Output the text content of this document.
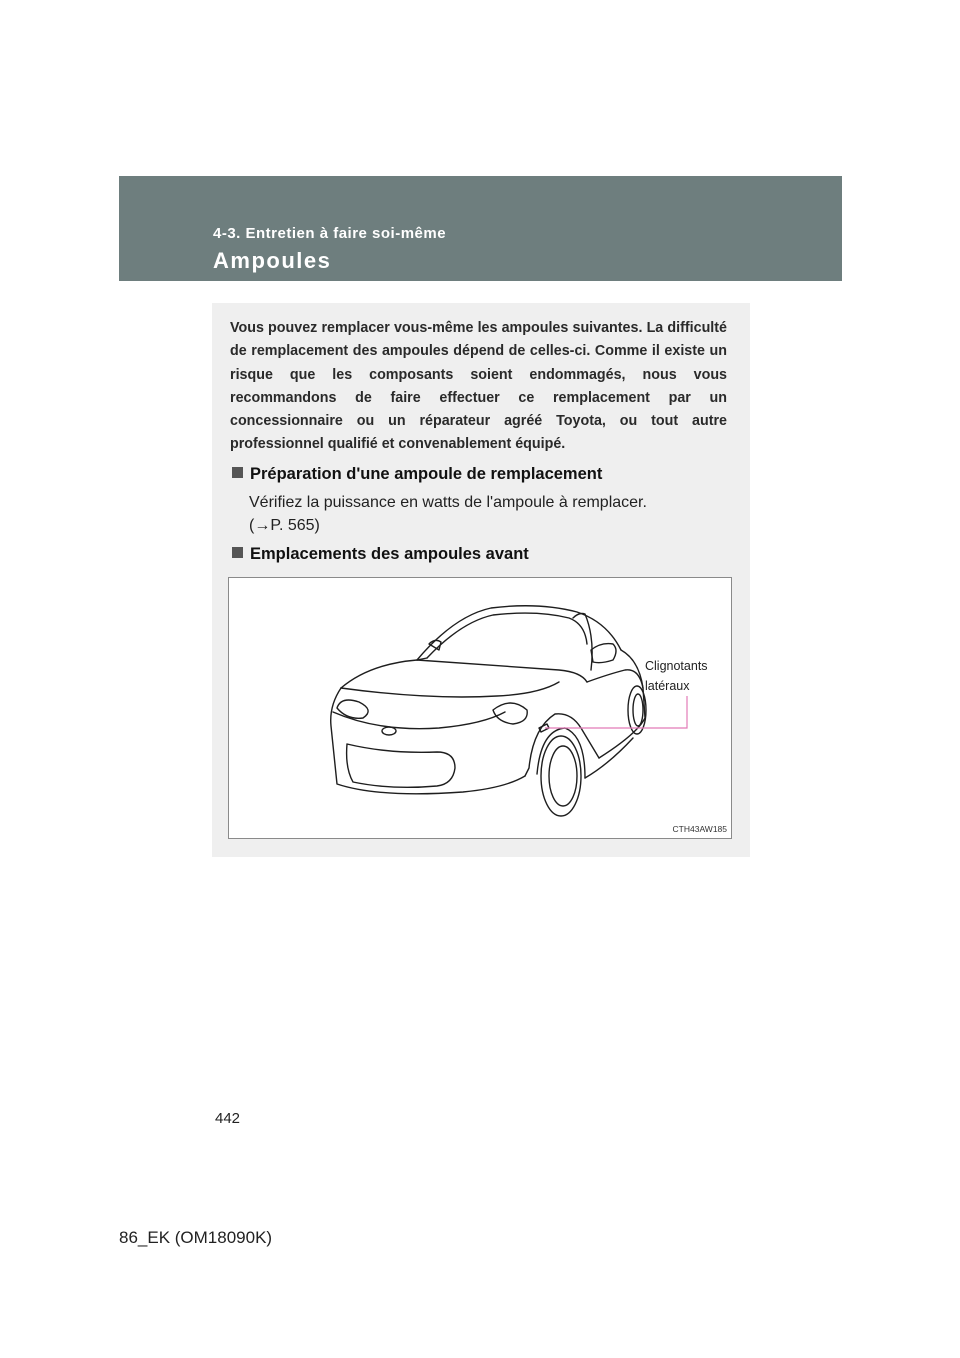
4-3. Entretien à faire soi-même
Ampoules
Vous pouvez remplacer vous-même les ampoules suivantes. La difficulté de remplacement des ampoules dépend de celles-ci. Comme il existe un risque que les composants soient endommagés, nous vous recommandons de faire effectuer ce remplacement par un concessionnaire ou un réparateur agréé Toyota, ou tout autre professionnel qualifié et convenablement équipé.
Préparation d'une ampoule de remplacement
Vérifiez la puissance en watts de l'ampoule à remplacer.
(→P. 565)
Emplacements des ampoules avant
Clignotants
latéraux
CTH43AW185
442
86_EK (OM18090K)
